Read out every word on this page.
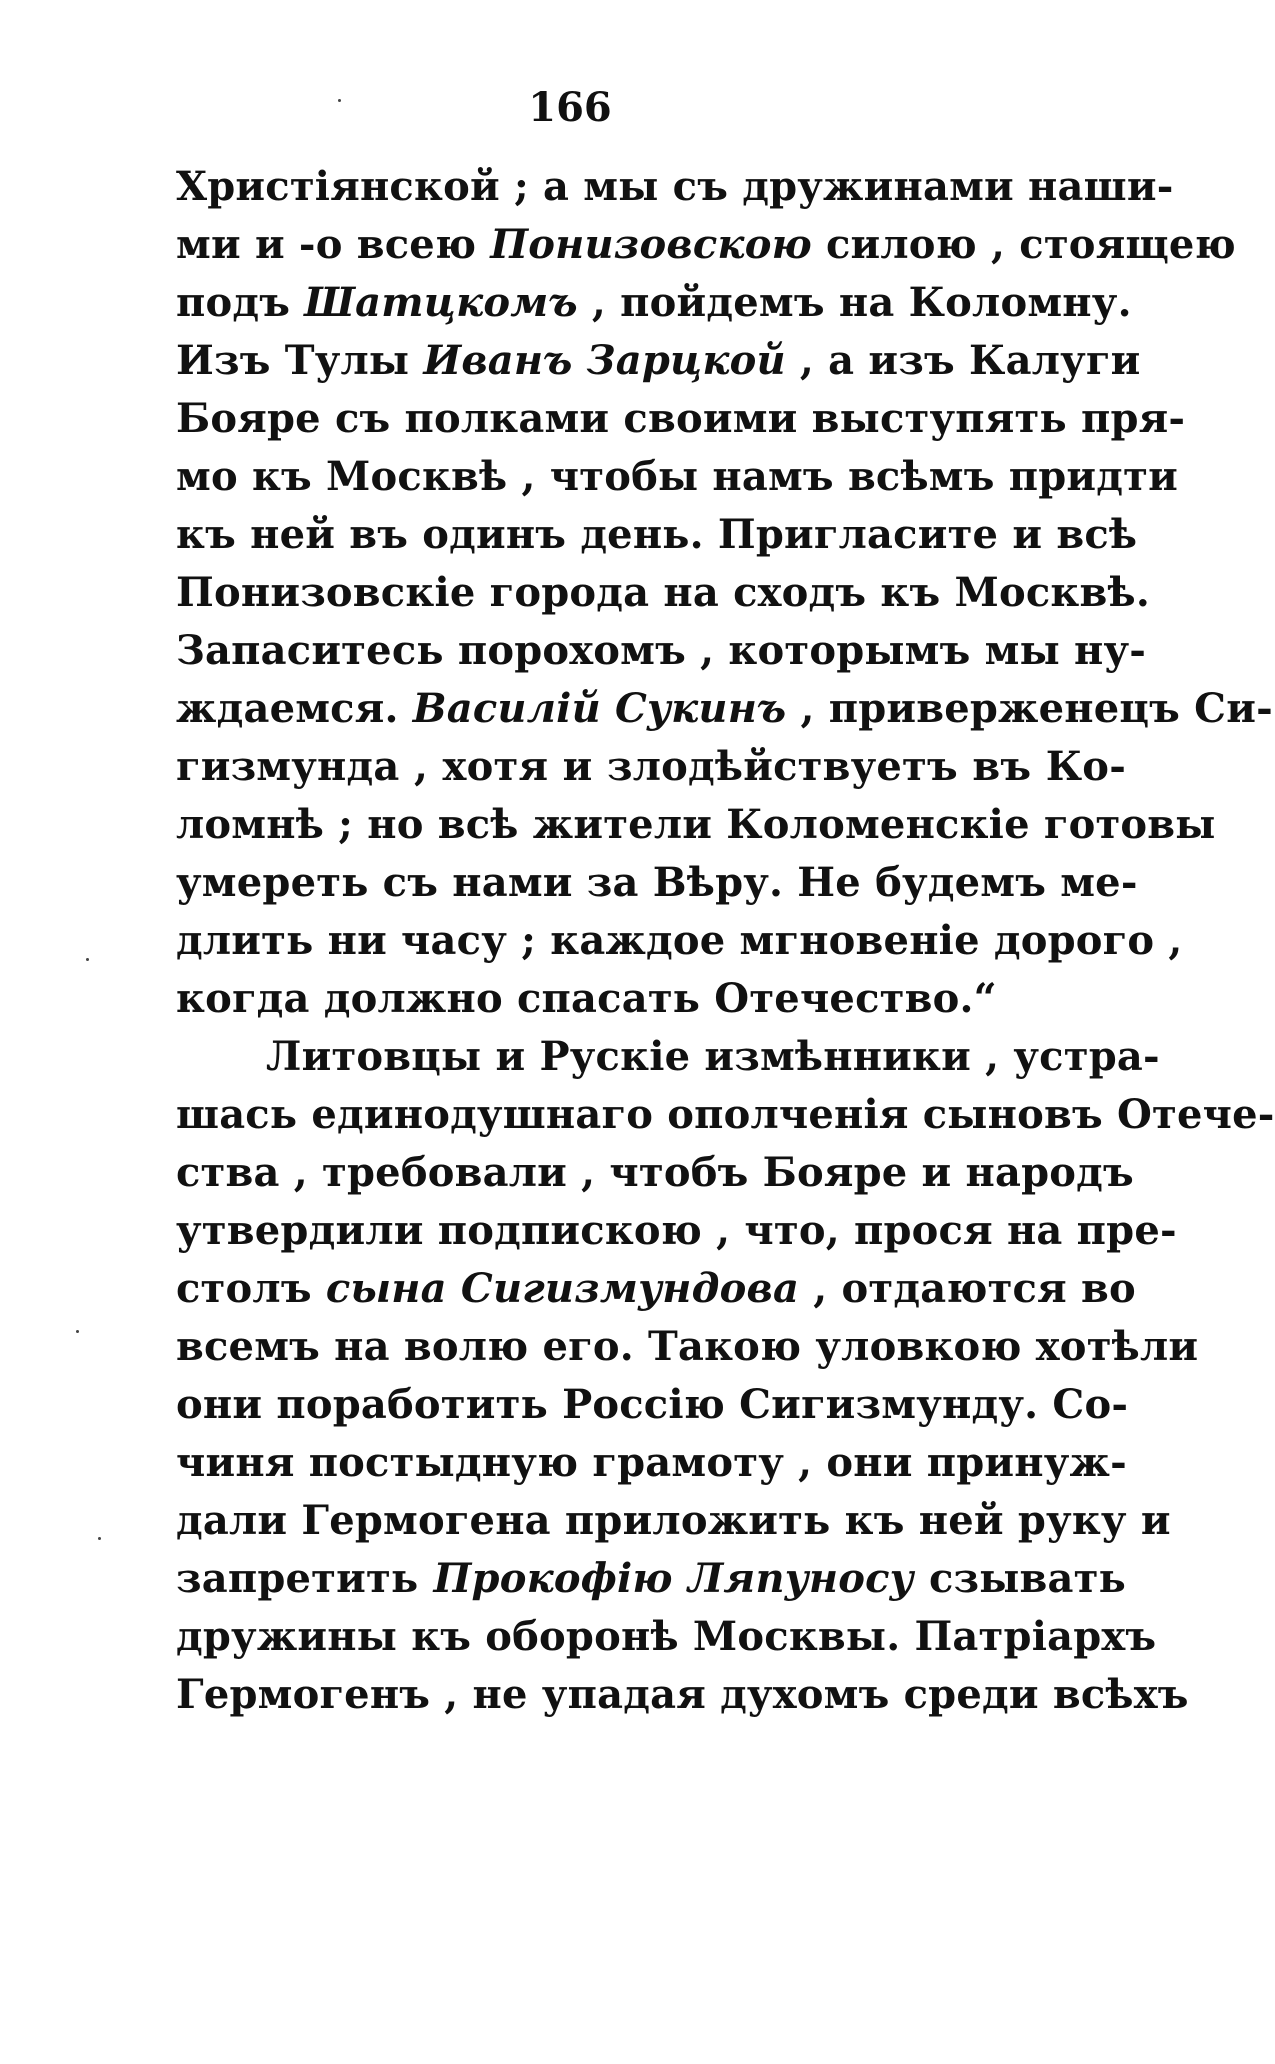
166
Христіянской ; а мы съ дружинами наши-
ми и -о всею Понизовскою силою , стоящею
подъ Шатцкомъ , пойдемъ на Коломну.
Изъ Тулы Иванъ Зарцкой , а изъ Калуги
Бояре съ полками своими выступять пря-
мо къ Москвѣ , чтобы намъ всѣмъ придти
къ ней въ одинъ день. Пригласите и всѣ
Понизовскіе города на сходъ къ Москвѣ.
Запаситесь порохомъ , которымъ мы ну-
ждаемся. Василій Сукинъ , приверженецъ Си-
гизмунда , хотя и злодѣйствуетъ въ Ко-
ломнѣ ; но всѣ жители Коломенскіе готовы
умереть съ нами за Вѣру. Не будемъ ме-
длить ни часу ; каждое мгновеніе дорого ,
когда должно спасать Отечество.“
Литовцы и Рускіе измѣнники , устра-
шась единодушнаго ополченія сыновъ Отече-
ства , требовали , чтобъ Бояре и народъ
утвердили подпискою , что, прося на пре-
столъ сына Сигизмундова , отдаются во
всемъ на волю его. Такою уловкою хотѣли
они поработить Россію Сигизмунду. Со-
чиня постыдную грамоту , они принуж-
дали Гермогена приложить къ ней руку и
запретить Прокофію Ляпуносу сзывать
дружины къ оборонѣ Москвы. Патріархъ
Гермогенъ , не упадая духомъ среди всѣхъ
